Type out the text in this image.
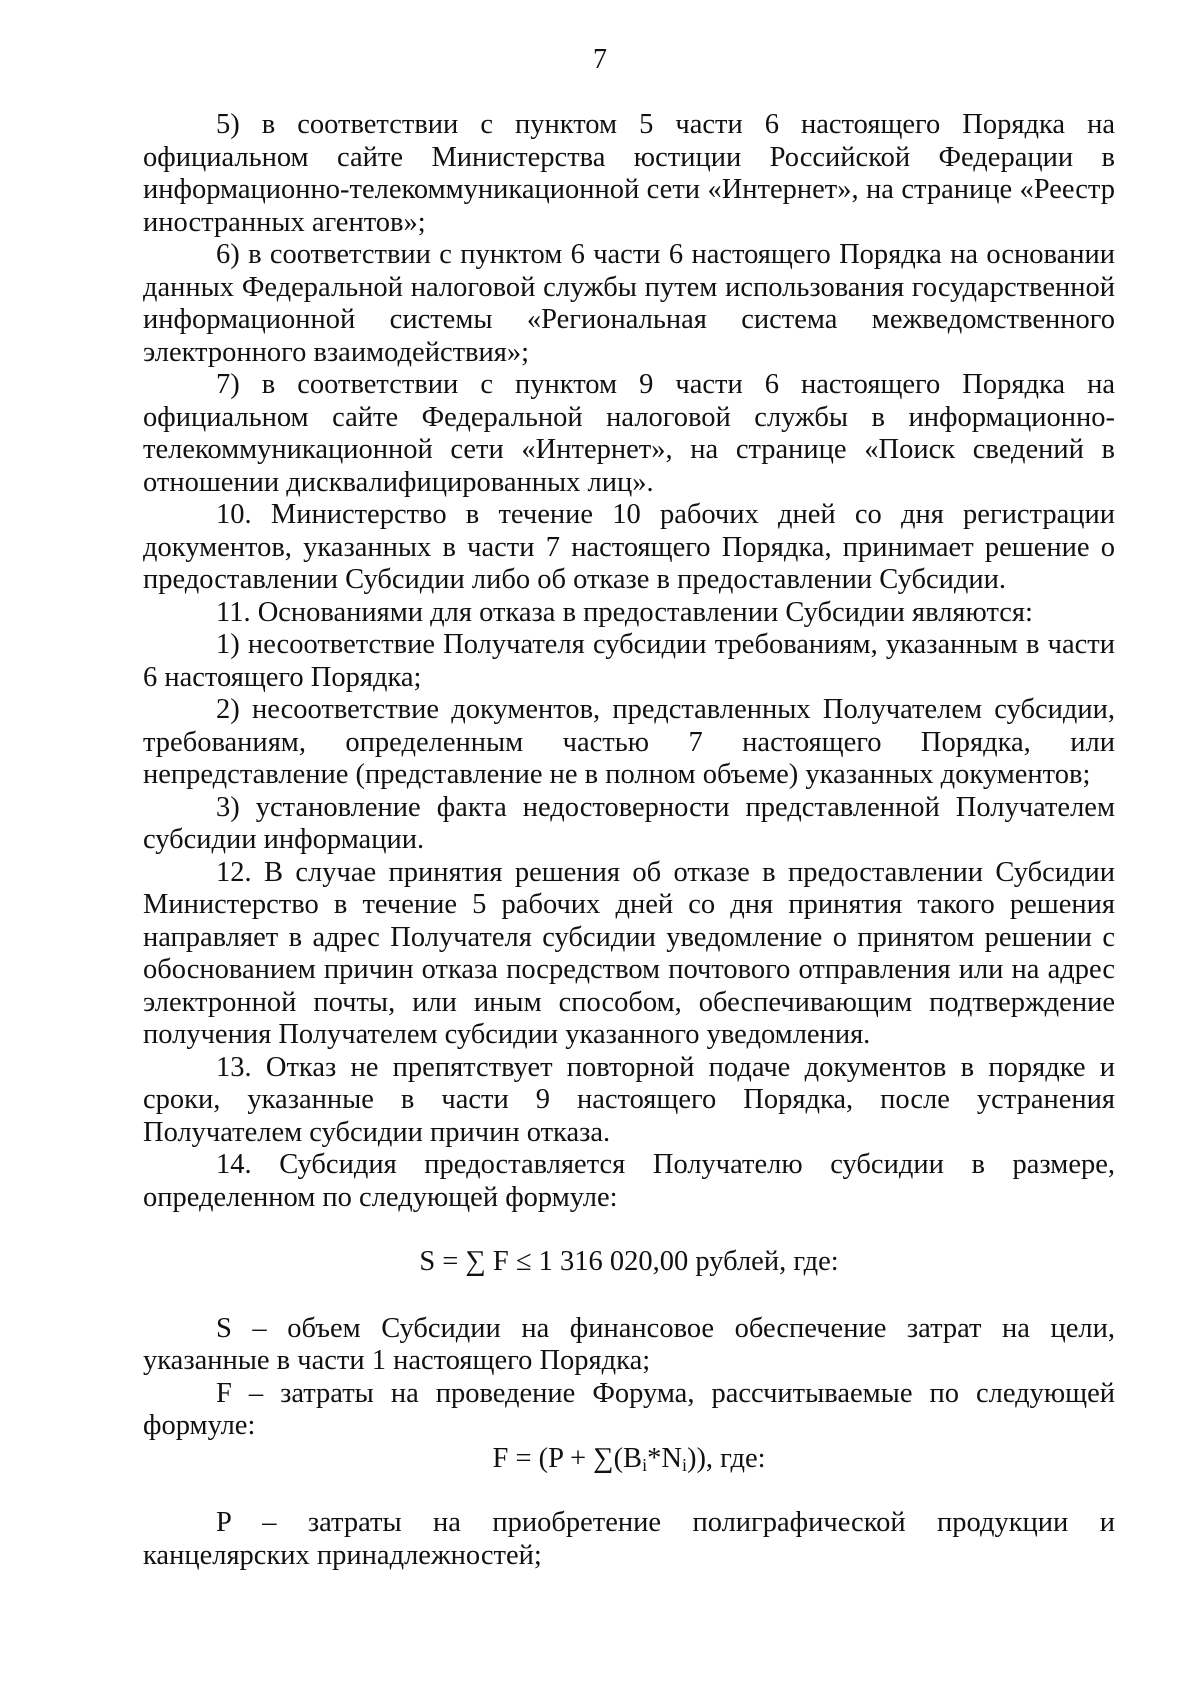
7

5) в соответствии с пунктом 5 части 6 настоящего Порядка на официальном сайте Министерства юстиции Российской Федерации в информационно-телекоммуникационной сети «Интернет», на странице «Реестр иностранных агентов»;

6) в соответствии с пунктом 6 части 6 настоящего Порядка на основании данных Федеральной налоговой службы путем использования государственной информационной системы «Региональная система межведомственного электронного взаимодействия»;

7) в соответствии с пунктом 9 части 6 настоящего Порядка на официальном сайте Федеральной налоговой службы в информационно-телекоммуникационной сети «Интернет», на странице «Поиск сведений в отношении дисквалифицированных лиц».

10. Министерство в течение 10 рабочих дней со дня регистрации документов, указанных в части 7 настоящего Порядка, принимает решение о предоставлении Субсидии либо об отказе в предоставлении Субсидии.

11. Основаниями для отказа в предоставлении Субсидии являются:

1) несоответствие Получателя субсидии требованиям, указанным в части 6 настоящего Порядка;

2) несоответствие документов, представленных Получателем субсидии, требованиям, определенным частью 7 настоящего Порядка, или непредставление (представление не в полном объеме) указанных документов;

3) установление факта недостоверности представленной Получателем субсидии информации.

12. В случае принятия решения об отказе в предоставлении Субсидии Министерство в течение 5 рабочих дней со дня принятия такого решения направляет в адрес Получателя субсидии уведомление о принятом решении с обоснованием причин отказа посредством почтового отправления или на адрес электронной почты, или иным способом, обеспечивающим подтверждение получения Получателем субсидии указанного уведомления.

13. Отказ не препятствует повторной подаче документов в порядке и сроки, указанные в части 9 настоящего Порядка, после устранения Получателем субсидии причин отказа.

14. Субсидия предоставляется Получателю субсидии в размере, определенном по следующей формуле:

S = ∑ F ≤ 1 316 020,00 рублей, где:

S – объем Субсидии на финансовое обеспечение затрат на цели, указанные в части 1 настоящего Порядка;

F – затраты на проведение Форума, рассчитываемые по следующей формуле:

$F = (P + \sum(B_i*N_i))$, где:

P – затраты на приобретение полиграфической продукции и канцелярских принадлежностей;
